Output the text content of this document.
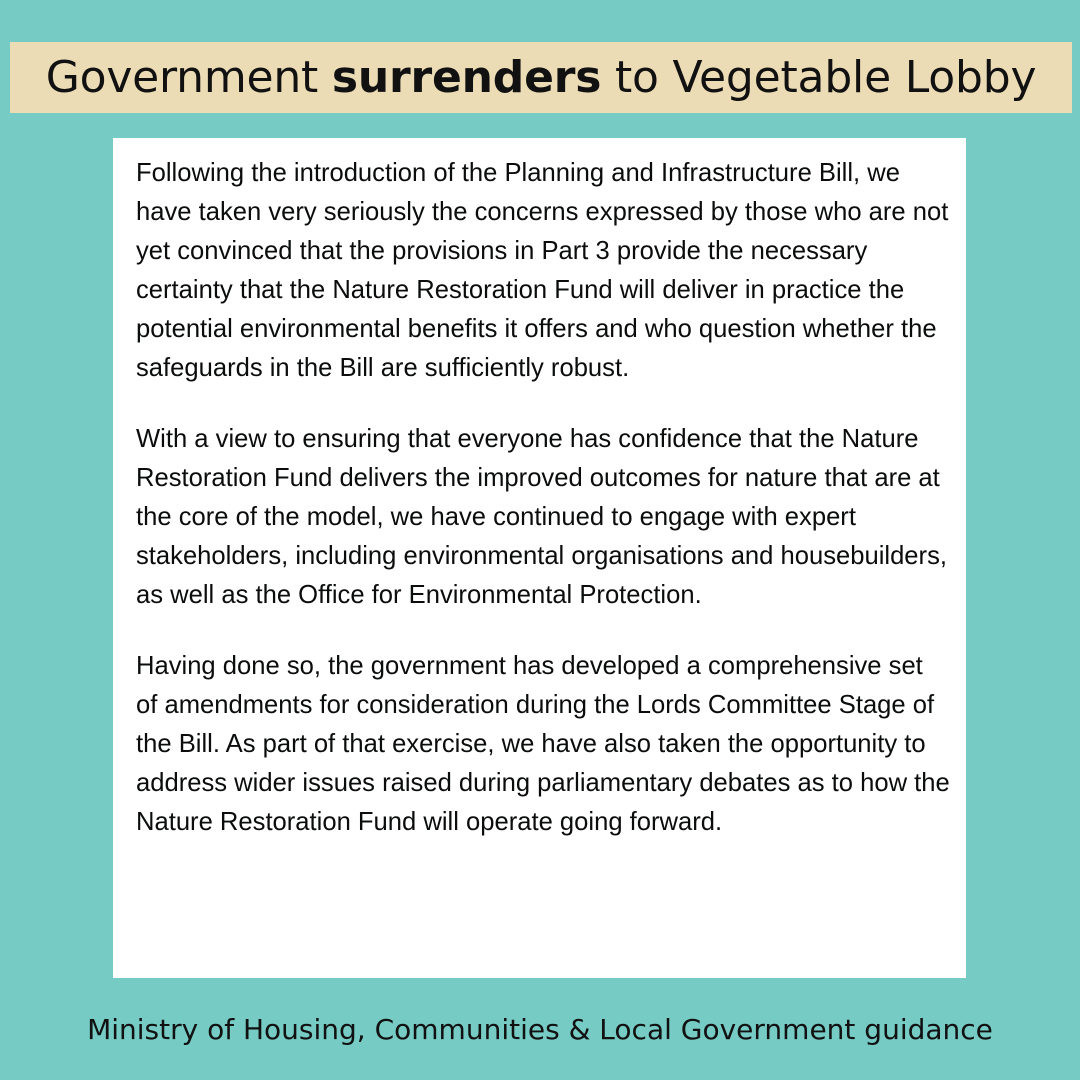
Government surrenders to Vegetable Lobby

Following the introduction of the Planning and Infrastructure Bill, we have taken very seriously the concerns expressed by those who are not yet convinced that the provisions in Part 3 provide the necessary certainty that the Nature Restoration Fund will deliver in practice the potential environmental benefits it offers and who question whether the safeguards in the Bill are sufficiently robust.

With a view to ensuring that everyone has confidence that the Nature Restoration Fund delivers the improved outcomes for nature that are at the core of the model, we have continued to engage with expert stakeholders, including environmental organisations and housebuilders, as well as the Office for Environmental Protection.

Having done so, the government has developed a comprehensive set of amendments for consideration during the Lords Committee Stage of the Bill. As part of that exercise, we have also taken the opportunity to address wider issues raised during parliamentary debates as to how the Nature Restoration Fund will operate going forward.

Ministry of Housing, Communities & Local Government guidance
